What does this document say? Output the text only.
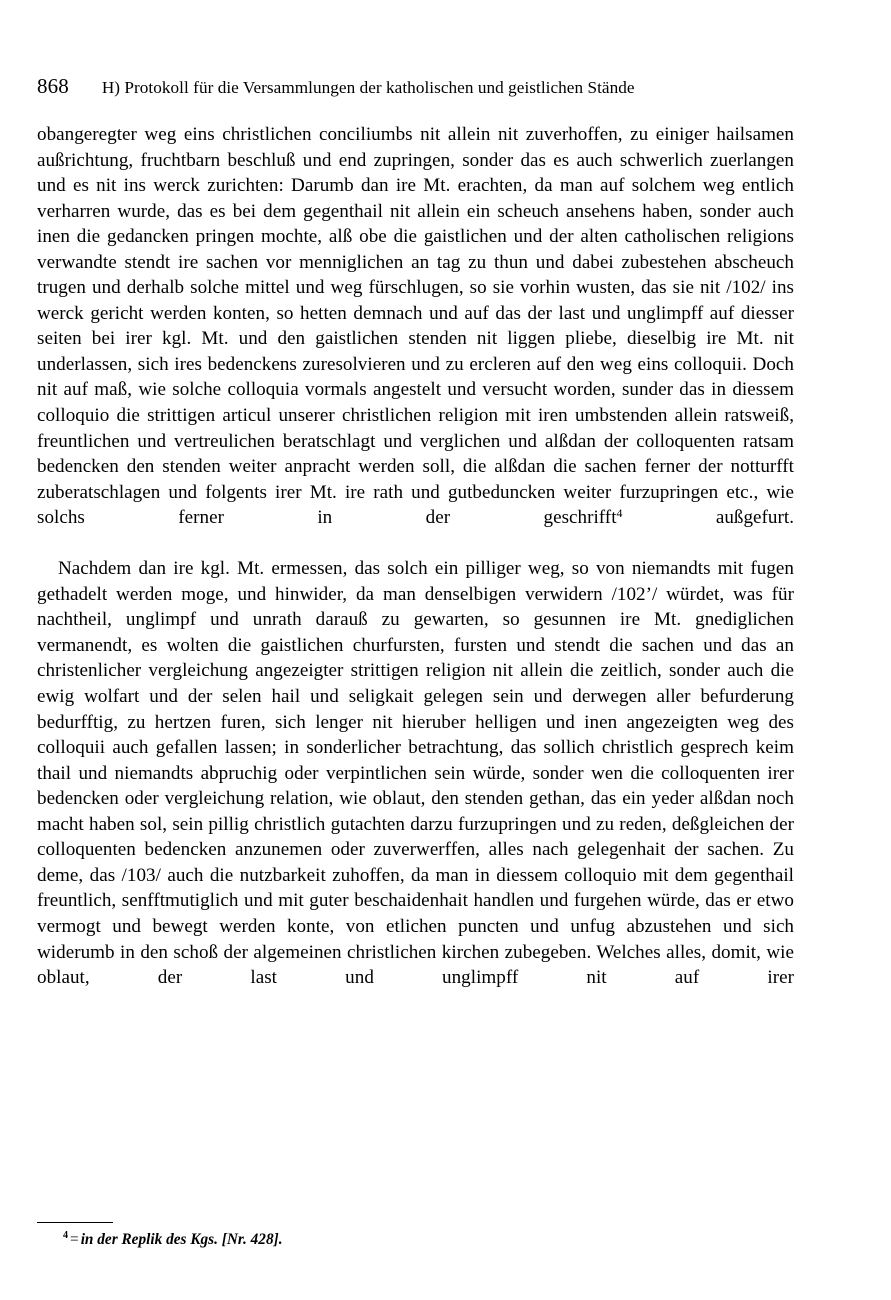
868 H) Protokoll für die Versammlungen der katholischen und geistlichen Stände

obangeregter weg eins christlichen conciliumbs nit allein nit zuverhoffen, zu einiger hailsamen außrichtung, fruchtbarn beschluß und end zupringen, sonder das es auch schwerlich zuerlangen und es nit ins werck zurichten: Darumb dan ire Mt. erachten, da man auf solchem weg entlich verharren wurde, das es bei dem gegenthail nit allein ein scheuch ansehens haben, sonder auch inen die gedancken pringen mochte, alß obe die gaistlichen und der alten catholischen religions verwandte stendt ire sachen vor menniglichen an tag zu thun und dabei zubestehen abscheuch trugen und derhalb solche mittel und weg fürschlugen, so sie vorhin wusten, das sie nit /102/ ins werck gericht werden konten, so hetten demnach und auf das der last und unglimpff auf diesser seiten bei irer kgl. Mt. und den gaistlichen stenden nit liggen pliebe, dieselbig ire Mt. nit underlassen, sich ires bedenckens zuresolvieren und zu ercleren auf den weg eins colloquii. Doch nit auf maß, wie solche colloquia vormals angestelt und versucht worden, sunder das in diessem colloquio die strittigen articul unserer christlichen religion mit iren umbstenden allein ratsweiß, freuntlichen und vertreulichen beratschlagt und verglichen und alßdan der colloquenten ratsam bedencken den stenden weiter anpracht werden soll, die alßdan die sachen ferner der notturfft zuberatschlagen und folgents irer Mt. ire rath und gutbeduncken weiter furzupringen etc., wie solchs ferner in der geschrifft$^4$ außgefurt.

Nachdem dan ire kgl. Mt. ermessen, das solch ein pilliger weg, so von niemandts mit fugen gethadelt werden moge, und hinwider, da man denselbigen verwidern /102’/ würdet, was für nachtheil, unglimpf und unrath darauß zu gewarten, so gesunnen ire Mt. gnediglichen vermanendt, es wolten die gaistlichen churfursten, fursten und stendt die sachen und das an christenlicher vergleichung angezeigter strittigen religion nit allein die zeitlich, sonder auch die ewig wolfart und der selen hail und seligkait gelegen sein und derwegen aller befurderung bedurfftig, zu hertzen furen, sich lenger nit hieruber helligen und inen angezeigten weg des colloquii auch gefallen lassen; in sonderlicher betrachtung, das sollich christlich gesprech keim thail und niemandts abpruchig oder verpintlichen sein würde, sonder wen die colloquenten irer bedencken oder vergleichung relation, wie oblaut, den stenden gethan, das ein yeder alßdan noch macht haben sol, sein pillig christlich gutachten darzu furzupringen und zu reden, deßgleichen der colloquenten bedencken anzunemen oder zuverwerffen, alles nach gelegenhait der sachen. Zu deme, das /103/ auch die nutzbarkeit zuhoffen, da man in diessem colloquio mit dem gegenthail freuntlich, senfftmutiglich und mit guter beschaidenhait handlen und furgehen würde, das er etwo vermogt und bewegt werden konte, von etlichen puncten und unfug abzustehen und sich widerumb in den schoß der algemeinen christlichen kirchen zubegeben. Welches alles, domit, wie oblaut, der last und unglimpff nit auf irer

$^4$ = in der Replik des Kgs. [Nr. 428].
